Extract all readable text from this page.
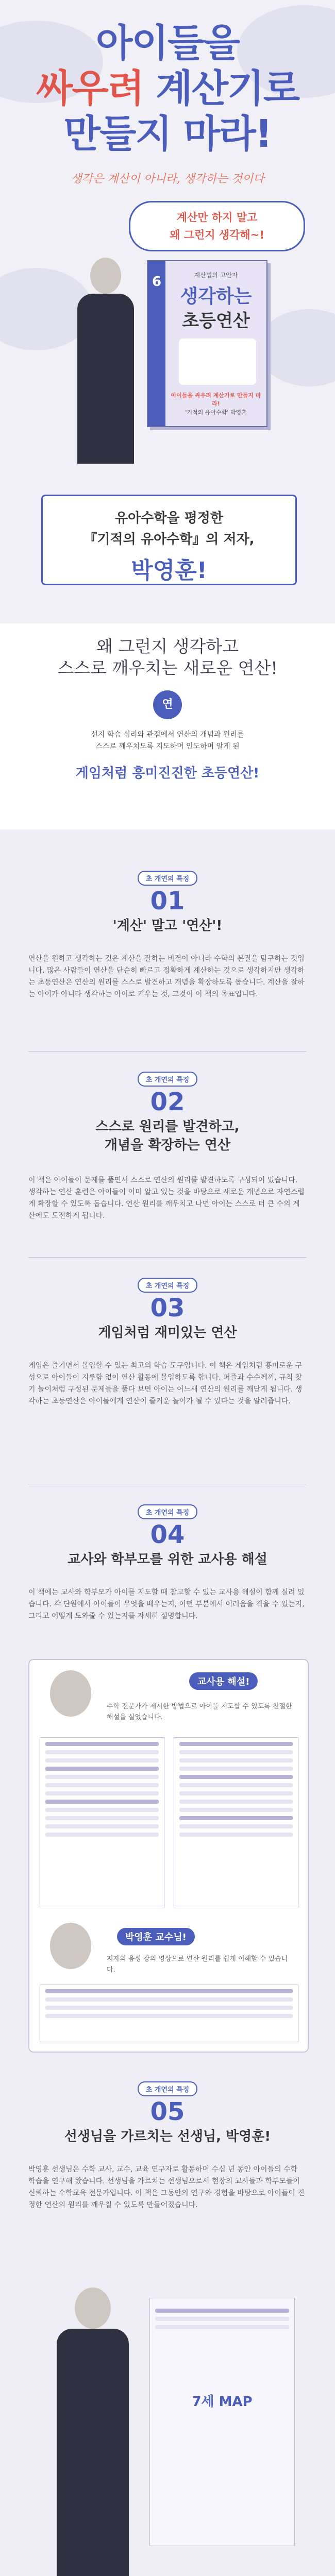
아이들을
싸우려 계산기로
만들지 마라!
생각은 계산이 아니라, 생각하는 것이다
계산만 하지 말고
왜 그런지 생각해~!
6	계산법의 고안자
생각하는
초등연산
아이들을 싸우려 계산기로 만들지 마라!
'기적의 유아수학' 박영훈
유아수학을 평정한
『기적의 유아수학』의 저자,
박영훈!
왜 그런지 생각하고
스스로 깨우치는 새로운 연산!
연
선지 학습 심리와 관점에서 연산의 개념과 원리를
스스로 깨우치도록 지도하며 인도하며 알게 된
게임처럼 흥미진진한 초등연산!
초 개연의 특징
01
'계산' 말고 '연산'!
연산을 원하고 생각하는 것은 계산을 잘하는 비결이 아니라 수학의 본질을 탐구하는 것입니다. 많은 사람들이 연산을 단순히 빠르고 정확하게 계산하는 것으로 생각하지만 생각하는 초등연산은 연산의 원리를 스스로 발견하고 개념을 확장하도록 돕습니다. 계산을 잘하는 아이가 아니라 생각하는 아이로 키우는 것, 그것이 이 책의 목표입니다.
초 개연의 특징
02
스스로 원리를 발견하고,
개념을 확장하는 연산
이 책은 아이들이 문제를 풀면서 스스로 연산의 원리를 발견하도록 구성되어 있습니다. 생각하는 연산 훈련은 아이들이 이미 알고 있는 것을 바탕으로 새로운 개념으로 자연스럽게 확장할 수 있도록 돕습니다. 연산 원리를 깨우치고 나면 아이는 스스로 더 큰 수의 계산에도 도전하게 됩니다.
초 개연의 특징
03
게임처럼 재미있는 연산
게임은 즐기면서 몰입할 수 있는 최고의 학습 도구입니다. 이 책은 게임처럼 흥미로운 구성으로 아이들이 지루함 없이 연산 활동에 몰입하도록 합니다. 퍼즐과 수수께끼, 규칙 찾기 놀이처럼 구성된 문제들을 풀다 보면 아이는 어느새 연산의 원리를 깨닫게 됩니다. 생각하는 초등연산은 아이들에게 연산이 즐거운 놀이가 될 수 있다는 것을 알려줍니다.
초 개연의 특징
04
교사와 학부모를 위한 교사용 해설
이 책에는 교사와 학부모가 아이를 지도할 때 참고할 수 있는 교사용 해설이 함께 실려 있습니다. 각 단원에서 아이들이 무엇을 배우는지, 어떤 부분에서 어려움을 겪을 수 있는지, 그리고 어떻게 도와줄 수 있는지를 자세히 설명합니다.
교사용 해설!
수학 전문가가 제시한 방법으로 아이를 지도할 수 있도록 친절한 해설을 실었습니다.
박영훈 교수님!
저자의 음성 강의 영상으로 연산 원리를 쉽게 이해할 수 있습니다.
초 개연의 특징
05
선생님을 가르치는 선생님, 박영훈!
박영훈 선생님은 수학 교사, 교수, 교육 연구자로 활동하며 수십 년 동안 아이들의 수학 학습을 연구해 왔습니다. 선생님을 가르치는 선생님으로서 현장의 교사들과 학부모들이 신뢰하는 수학교육 전문가입니다. 이 책은 그동안의 연구와 경험을 바탕으로 아이들이 진정한 연산의 원리를 깨우칠 수 있도록 만들어졌습니다.
7세 MAP
